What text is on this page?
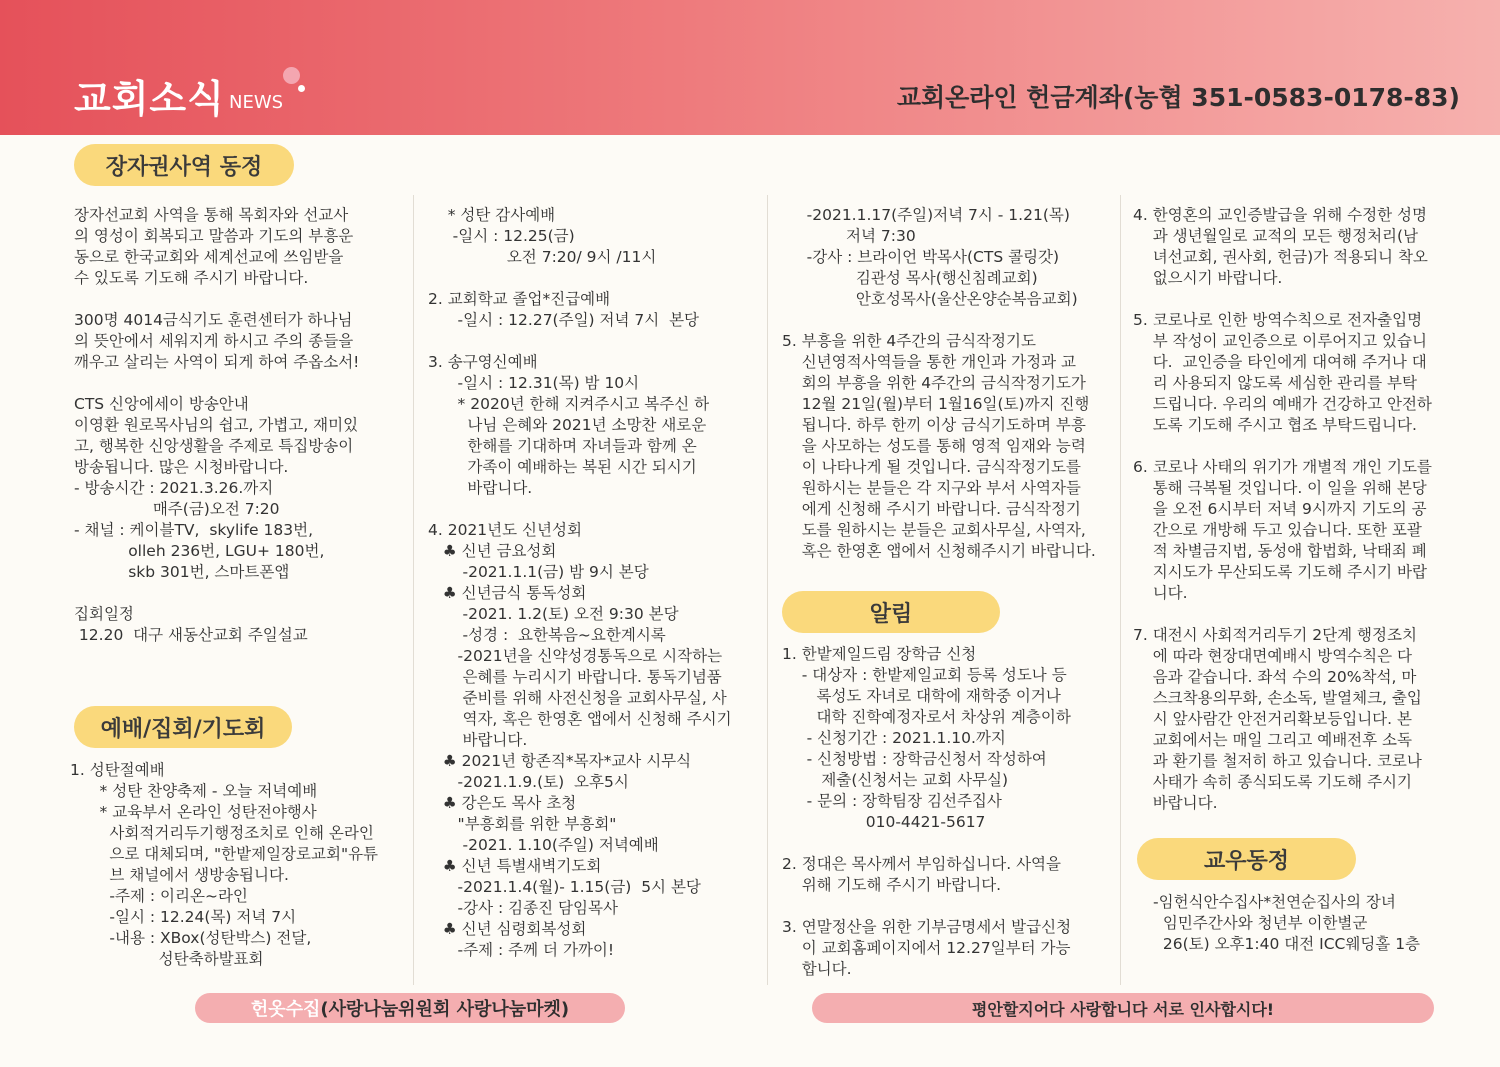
교회소식 NEWS	교회온라인 헌금계좌(농협 351-0583-0178-83)
장자권사역 동정
예배/집회/기도회
알림
교우동정
장자선교회 사역을 통해 목회자와 선교사
의 영성이 회복되고 말씀과 기도의 부흥운
동으로 한국교회와 세계선교에 쓰임받을
수 있도록 기도해 주시기 바랍니다.

300명 4014금식기도 훈련센터가 하나님
의 뜻안에서 세워지게 하시고 주의 종들을
깨우고 살리는 사역이 되게 하여 주옵소서!

CTS 신앙에세이 방송안내
이영환 원로목사님의 쉽고, 가볍고, 재미있
고, 행복한 신앙생활을 주제로 특집방송이
방송됩니다. 많은 시청바랍니다.
- 방송시간 : 2021.3.26.까지
매주(금)오전 7:20
- 채널 : 케이블TV,  skylife 183번,
olleh 236번, LGU+ 180번,
skb 301번, 스마트폰앱

집회일정
12.20  대구 새동산교회 주일설교
1. 성탄절예배
* 성탄 찬양축제 - 오늘 저녁예배
* 교육부서 온라인 성탄전야행사
사회적거리두기행정조치로 인해 온라인
으로 대체되며, "한밭제일장로교회"유튜
브 채널에서 생방송됩니다.
-주제 : 이리온~라인
-일시 : 12.24(목) 저녁 7시
-내용 : XBox(성탄박스) 전달,
성탄축하발표회
* 성탄 감사예배
-일시 : 12.25(금)
오전 7:20/ 9시 /11시

2. 교회학교 졸업*진급예배
-일시 : 12.27(주일) 저녁 7시  본당

3. 송구영신예배
-일시 : 12.31(목) 밤 10시
* 2020년 한해 지켜주시고 복주신 하
나님 은혜와 2021년 소망찬 새로운
한해를 기대하며 자녀들과 함께 온
가족이 예배하는 복된 시간 되시기
바랍니다.

4. 2021년도 신년성회
♣ 신년 금요성회
-2021.1.1(금) 밤 9시 본당
♣ 신년금식 통독성회
-2021. 1.2(토) 오전 9:30 본당
-성경 :  요한복음~요한계시록
-2021년을 신약성경통독으로 시작하는
은혜를 누리시기 바랍니다. 통독기념품
준비를 위해 사전신청을 교회사무실, 사
역자, 혹은 한영혼 앱에서 신청해 주시기
바랍니다.
♣ 2021년 항존직*목자*교사 시무식
-2021.1.9.(토)  오후5시
♣ 강은도 목사 초청
"부흥회를 위한 부흥회"
-2021. 1.10(주일) 저녁예배
♣ 신년 특별새벽기도회
-2021.1.4(월)- 1.15(금)  5시 본당
-강사 : 김종진 담임목사
♣ 신년 심령회복성회
-주제 : 주께 더 가까이!
-2021.1.17(주일)저녁 7시 - 1.21(목)
저녁 7:30
-강사 : 브라이언 박목사(CTS 콜링갓)
김관성 목사(행신침례교회)
안호성목사(울산온양순복음교회)

5. 부흥을 위한 4주간의 금식작정기도
신년영적사역들을 통한 개인과 가정과 교
회의 부흥을 위한 4주간의 금식작정기도가
12월 21일(월)부터 1월16일(토)까지 진행
됩니다. 하루 한끼 이상 금식기도하며 부흥
을 사모하는 성도를 통해 영적 임재와 능력
이 나타나게 될 것입니다. 금식작정기도를
원하시는 분들은 각 지구와 부서 사역자들
에게 신청해 주시기 바랍니다. 금식작정기
도를 원하시는 분들은 교회사무실, 사역자,
혹은 한영혼 앱에서 신청해주시기 바랍니다.
1. 한밭제일드림 장학금 신청
- 대상자 : 한밭제일교회 등록 성도나 등
록성도 자녀로 대학에 재학중 이거나
대학 진학예정자로서 차상위 계층이하
- 신청기간 : 2021.1.10.까지
- 신청방법 : 장학금신청서 작성하여
제출(신청서는 교회 사무실)
- 문의 : 장학팀장 김선주집사
010-4421-5617

2. 정대은 목사께서 부임하십니다. 사역을
위해 기도해 주시기 바랍니다.

3. 연말정산을 위한 기부금명세서 발급신청
이 교회홈페이지에서 12.27일부터 가능
합니다.
4. 한영혼의 교인증발급을 위해 수정한 성명
과 생년월일로 교적의 모든 행정처리(남
녀선교회, 권사회, 헌금)가 적용되니 착오
없으시기 바랍니다.

5. 코로나로 인한 방역수칙으로 전자출입명
부 작성이 교인증으로 이루어지고 있습니
다.  교인증을 타인에게 대여해 주거나 대
리 사용되지 않도록 세심한 관리를 부탁
드립니다. 우리의 예배가 건강하고 안전하
도록 기도해 주시고 협조 부탁드립니다.

6. 코로나 사태의 위기가 개별적 개인 기도를
통해 극복될 것입니다. 이 일을 위해 본당
을 오전 6시부터 저녁 9시까지 기도의 공
간으로 개방해 두고 있습니다. 또한 포괄
적 차별금지법, 동성애 합법화, 낙태죄 폐
지시도가 무산되도록 기도해 주시기 바랍
니다.

7. 대전시 사회적거리두기 2단계 행정조치
에 따라 현장대면예배시 방역수칙은 다
음과 같습니다. 좌석 수의 20%착석, 마
스크착용의무화, 손소독, 발열체크, 출입
시 앞사람간 안전거리확보등입니다. 본
교회에서는 매일 그리고 예배전후 소독
과 환기를 철저히 하고 있습니다. 코로나
사태가 속히 종식되도록 기도해 주시기
바랍니다.
-임헌식안수집사*천연순집사의 장녀
임민주간사와 청년부 이한별군
26(토) 오후1:40 대전 ICC웨딩홀 1층
헌옷수집 (사랑나눔위원회 사랑나눔마켓)	평안할지어다 사랑합니다 서로 인사합시다!
